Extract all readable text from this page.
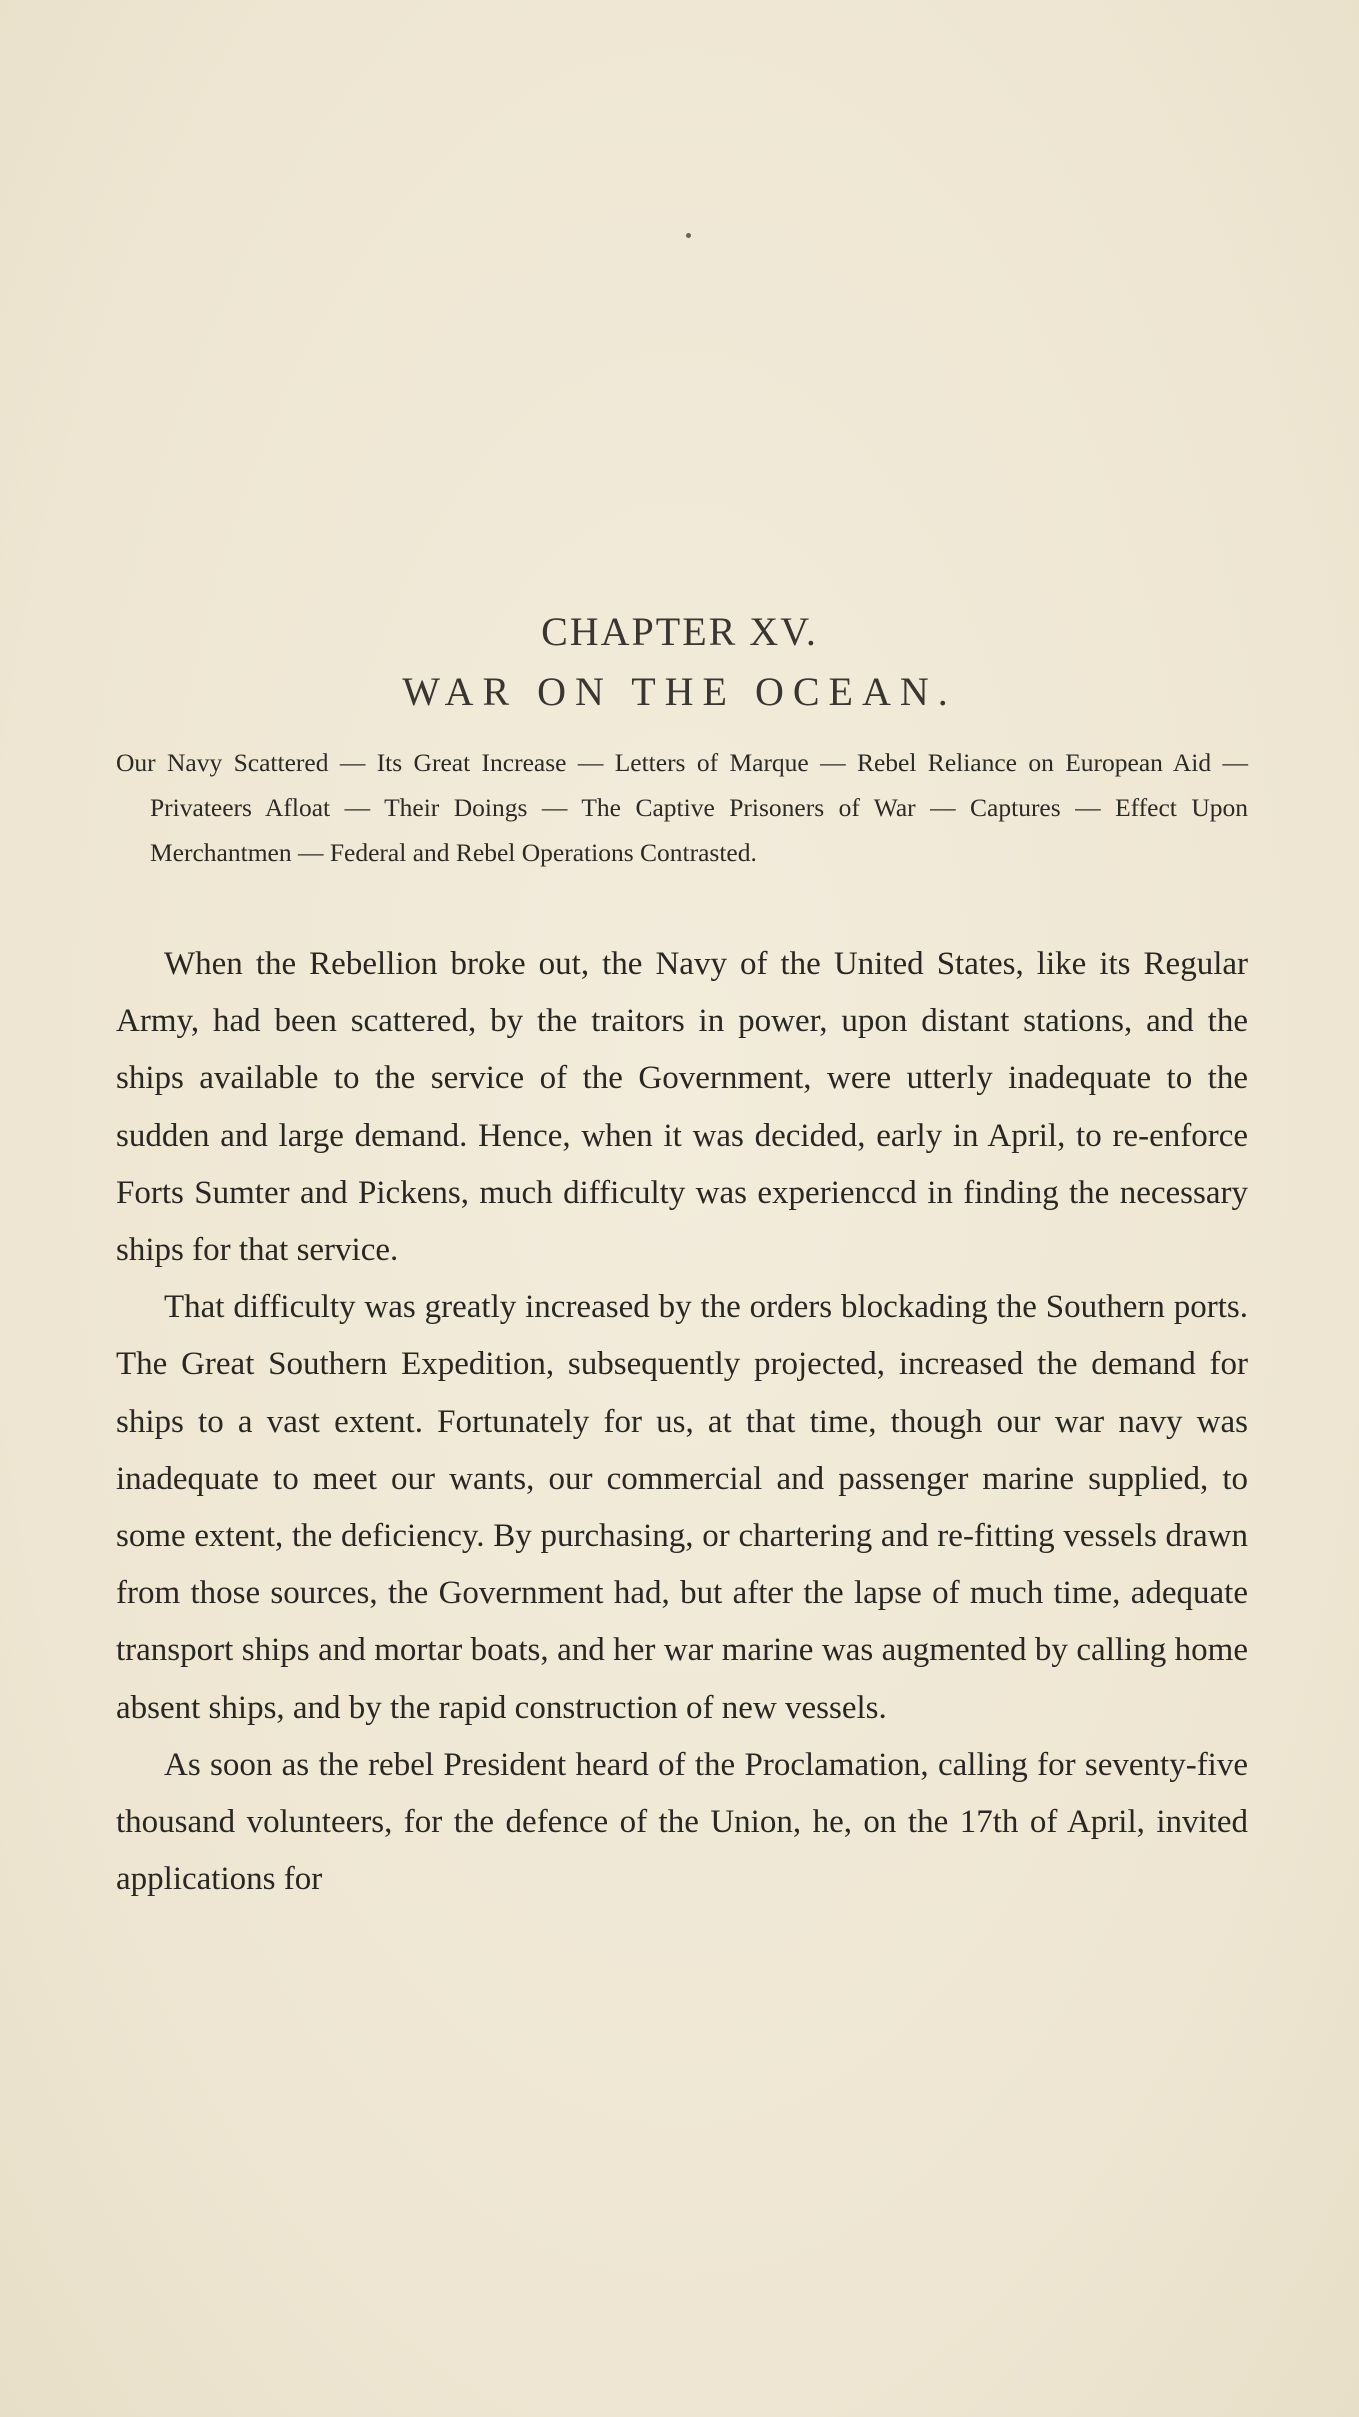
CHAPTER XV.
WAR ON THE OCEAN.
Our Navy Scattered — Its Great Increase — Letters of Marque — Rebel Reliance on European Aid — Privateers Afloat — Their Doings — The Captive Prisoners of War — Captures — Effect Upon Merchantmen — Federal and Rebel Operations Contrasted.

When the Rebellion broke out, the Navy of the United States, like its Regular Army, had been scattered, by the traitors in power, upon distant stations, and the ships available to the service of the Government, were utterly inadequate to the sudden and large demand. Hence, when it was decided, early in April, to re-enforce Forts Sumter and Pickens, much difficulty was experienccd in finding the necessary ships for that service.

That difficulty was greatly increased by the orders blockading the Southern ports. The Great Southern Expedition, subsequently projected, increased the demand for ships to a vast extent. Fortunately for us, at that time, though our war navy was inadequate to meet our wants, our commercial and passenger marine supplied, to some extent, the deficiency. By purchasing, or chartering and re-fitting vessels drawn from those sources, the Government had, but after the lapse of much time, adequate transport ships and mortar boats, and her war marine was augmented by calling home absent ships, and by the rapid construction of new vessels.

As soon as the rebel President heard of the Proclamation, calling for seventy-five thousand volunteers, for the defence of the Union, he, on the 17th of April, invited applications for
